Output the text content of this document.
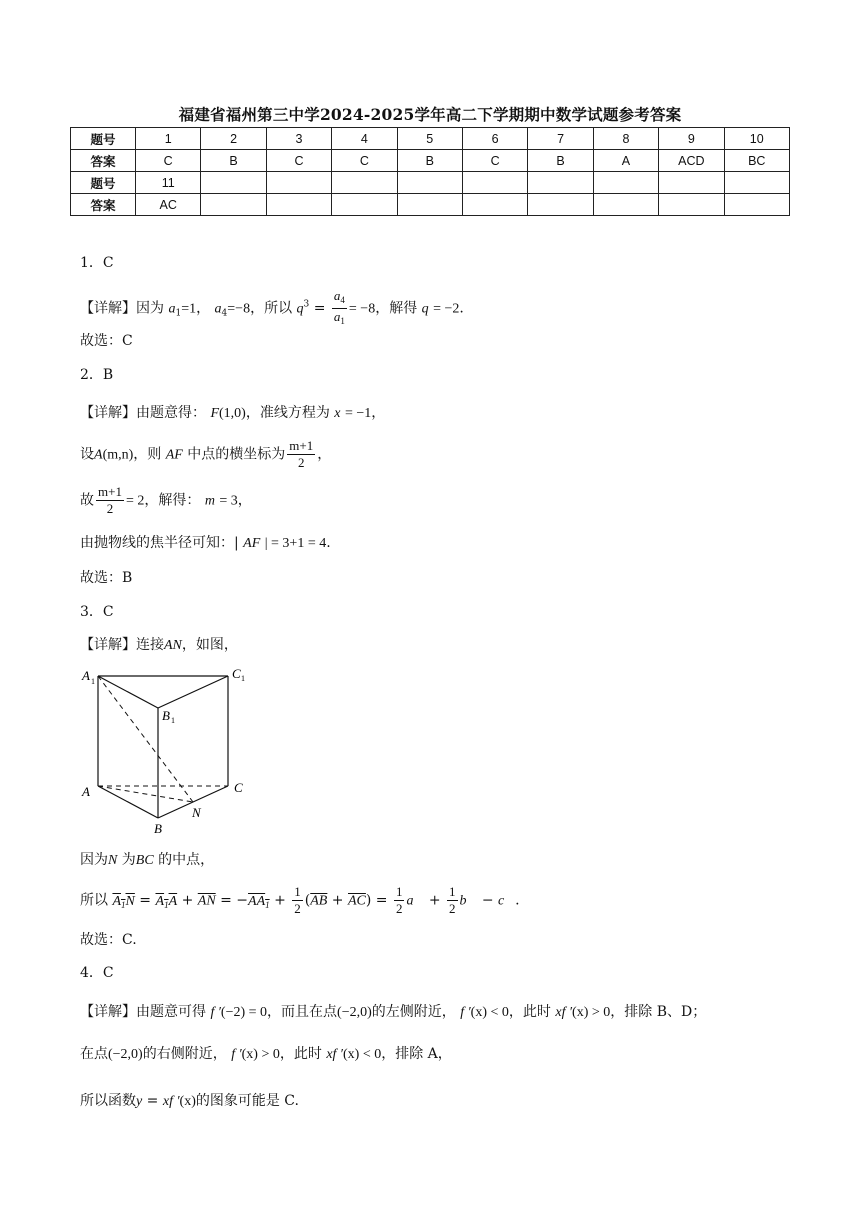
福建省福州第三中学2024-2025学年高二下学期期中数学试题参考答案
题号	1	2	3	4	5	6	7	8	9	10
答案	C	B	C	C	B	C	B	A	ACD	BC
题号	11									
答案	AC									
1．C
【详解】因为 $a_1=1$， $a_4=-8$，所以 $q^3 = \frac{a_4}{a_1} = -8$，解得 q = −2.
故选：C
2．B
【详解】由题意得： F(1,0)，准线方程为 x = −1，
设A(m,n)，则 AF 中点的横坐标为 $\frac{m+1}{2}$ ，
故 $\frac{m+1}{2} = 2$，解得： m = 3，
由抛物线的焦半径可知：| AF | = 3+1 = 4.
故选：B
3．C
【详解】连接AN，如图，
A 1
C 1
B 1
A	C
N
B
因为N 为BC 的中点，
所以 $A_1N = A_1A + \overline{AN} = -AA_1 + \frac{1}{2} (\overline{AB} + \overline{AC}) = \frac{1}{2}$ a⃗ + $\frac{1}{2}$ b⃗ − c⃗.
故选：C.
4．C
【详解】由题意可得 f ′(−2) = 0，而且在点(−2,0)的左侧附近， f ′(x) < 0，此时 xf ′(x) > 0，排除 B、D；
在点(−2,0)的右侧附近， f ′(x) > 0，此时 xf ′(x) < 0，排除 A，
所以函数y = xf ′(x)的图象可能是 C.
